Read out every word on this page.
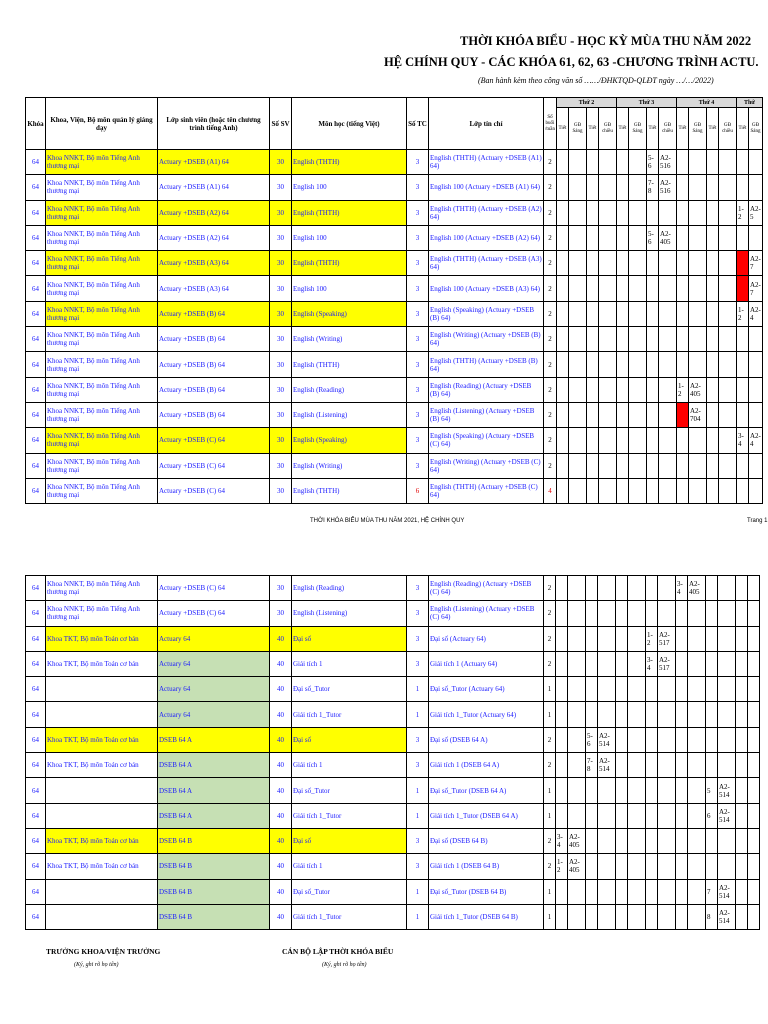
THỜI KHÓA BIỂU - HỌC KỲ MÙA THU NĂM 2022
HỆ CHÍNH QUY - CÁC KHÓA 61, 62, 63 -CHƯƠNG TRÌNH ACTU.
(Ban hành kèm theo công văn số ……/ĐHKTQD-QLĐT ngày …/…/2022)
Khóa	Khoa, Viện, Bộ môn quản lý giảng dạy	Lớp sinh viên (hoặc tên chương trình tiếng Anh)	Số SV	Môn học (tiếng Việt)	Số TC	Lớp tín chỉ	Số buổi /tuần	Thứ 2				Thứ 3				Thứ 4				Thứ	
								Tiết	GĐ Sáng	Tiết	GĐ chiều	Tiết	GĐ Sáng	Tiết	GĐ chiều	Tiết	GĐ Sáng	Tiết	GĐ chiều	Tiết	GĐ Sáng
64	Khoa NNKT, Bộ môn Tiếng Anh thương mại	Actuary +DSEB (A1) 64	30	English (THTH)	3	English (THTH) (Actuary +DSEB (A1) 64)	2							5-6	A2-516						
64	Khoa NNKT, Bộ môn Tiếng Anh thương mại	Actuary +DSEB (A1) 64	30	English 100	3	English 100 (Actuary +DSEB (A1) 64)	2							7-8	A2-516						
64	Khoa NNKT, Bộ môn Tiếng Anh thương mại	Actuary +DSEB (A2) 64	30	English (THTH)	3	English (THTH) (Actuary +DSEB (A2) 64)	2													1-2	A2-5
64	Khoa NNKT, Bộ môn Tiếng Anh thương mại	Actuary +DSEB (A2) 64	30	English 100	3	English 100 (Actuary +DSEB (A2) 64)	2							5-6	A2-405						
64	Khoa NNKT, Bộ môn Tiếng Anh thương mại	Actuary +DSEB (A3) 64	30	English (THTH)	3	English (THTH) (Actuary +DSEB (A3) 64)	2														A2-7
64	Khoa NNKT, Bộ môn Tiếng Anh thương mại	Actuary +DSEB (A3) 64	30	English 100	3	English 100 (Actuary +DSEB (A3) 64)	2														A2-7
64	Khoa NNKT, Bộ môn Tiếng Anh thương mại	Actuary +DSEB (B) 64	30	English (Speaking)	3	English (Speaking) (Actuary +DSEB (B) 64)	2													1-2	A2-4
64	Khoa NNKT, Bộ môn Tiếng Anh thương mại	Actuary +DSEB (B) 64	30	English (Writing)	3	English (Writing) (Actuary +DSEB (B) 64)	2														
64	Khoa NNKT, Bộ môn Tiếng Anh thương mại	Actuary +DSEB (B) 64	30	English (THTH)	3	English (THTH) (Actuary +DSEB (B) 64)	2														
64	Khoa NNKT, Bộ môn Tiếng Anh thương mại	Actuary +DSEB (B) 64	30	English (Reading)	3	English (Reading) (Actuary +DSEB (B) 64)	2									1-2	A2-405				
64	Khoa NNKT, Bộ môn Tiếng Anh thương mại	Actuary +DSEB (B) 64	30	English (Listening)	3	English (Listening) (Actuary +DSEB (B) 64)	2										A2-704				
64	Khoa NNKT, Bộ môn Tiếng Anh thương mại	Actuary +DSEB (C) 64	30	English (Speaking)	3	English (Speaking) (Actuary +DSEB (C) 64)	2													3-4	A2-4
64	Khoa NNKT, Bộ môn Tiếng Anh thương mại	Actuary +DSEB (C) 64	30	English (Writing)	3	English (Writing) (Actuary +DSEB (C) 64)	2														
64	Khoa NNKT, Bộ môn Tiếng Anh thương mại	Actuary +DSEB (C) 64	30	English (THTH)	6	English (THTH) (Actuary +DSEB (C) 64)	4														
THỜI KHÓA BIỂU MÙA THU NĂM 2021, HỆ CHÍNH QUY	Trang 1
64	Khoa NNKT, Bộ môn Tiếng Anh thương mại	Actuary +DSEB (C) 64	30	English (Reading)	3	English (Reading) (Actuary +DSEB (C) 64)	2									3-4	A2-405				
64	Khoa NNKT, Bộ môn Tiếng Anh thương mại	Actuary +DSEB (C) 64	30	English (Listening)	3	English (Listening) (Actuary +DSEB (C) 64)	2														
64	Khoa TKT, Bộ môn Toán cơ bản	Actuary 64	40	Đại số	3	Đại số (Actuary 64)	2							1-2	A2-517						
64	Khoa TKT, Bộ môn Toán cơ bản	Actuary 64	40	Giải tích 1	3	Giải tích 1 (Actuary 64)	2							3-4	A2-517						
64		Actuary 64	40	Đại số_Tutor	1	Đại số_Tutor (Actuary 64)	1														
64		Actuary 64	40	Giải tích 1_Tutor	1	Giải tích 1_Tutor (Actuary 64)	1														
64	Khoa TKT, Bộ môn Toán cơ bản	DSEB 64 A	40	Đại số	3	Đại số (DSEB 64 A)	2			5-6	A2-514										
64	Khoa TKT, Bộ môn Toán cơ bản	DSEB 64 A	40	Giải tích 1	3	Giải tích 1 (DSEB 64 A)	2			7-8	A2-514										
64		DSEB 64 A	40	Đại số_Tutor	1	Đại số_Tutor (DSEB 64 A)	1											5	A2-514		
64		DSEB 64 A	40	Giải tích 1_Tutor	1	Giải tích 1_Tutor (DSEB 64 A)	1											6	A2-514		
64	Khoa TKT, Bộ môn Toán cơ bản	DSEB 64 B	40	Đại số	3	Đại số (DSEB 64 B)	2	3-4	A2-405												
64	Khoa TKT, Bộ môn Toán cơ bản	DSEB 64 B	40	Giải tích 1	3	Giải tích 1 (DSEB 64 B)	2	1-2	A2-405												
64		DSEB 64 B	40	Đại số_Tutor	1	Đại số_Tutor (DSEB 64 B)	1											7	A2-514		
64		DSEB 64 B	40	Giải tích 1_Tutor	1	Giải tích 1_Tutor (DSEB 64 B)	1											8	A2-514		
TRƯỞNG KHOA/VIỆN TRƯỞNG
(Ký, ghi rõ họ tên)
CÁN BỘ LẬP THỜI KHÓA BIỂU
(Ký, ghi rõ họ tên)
